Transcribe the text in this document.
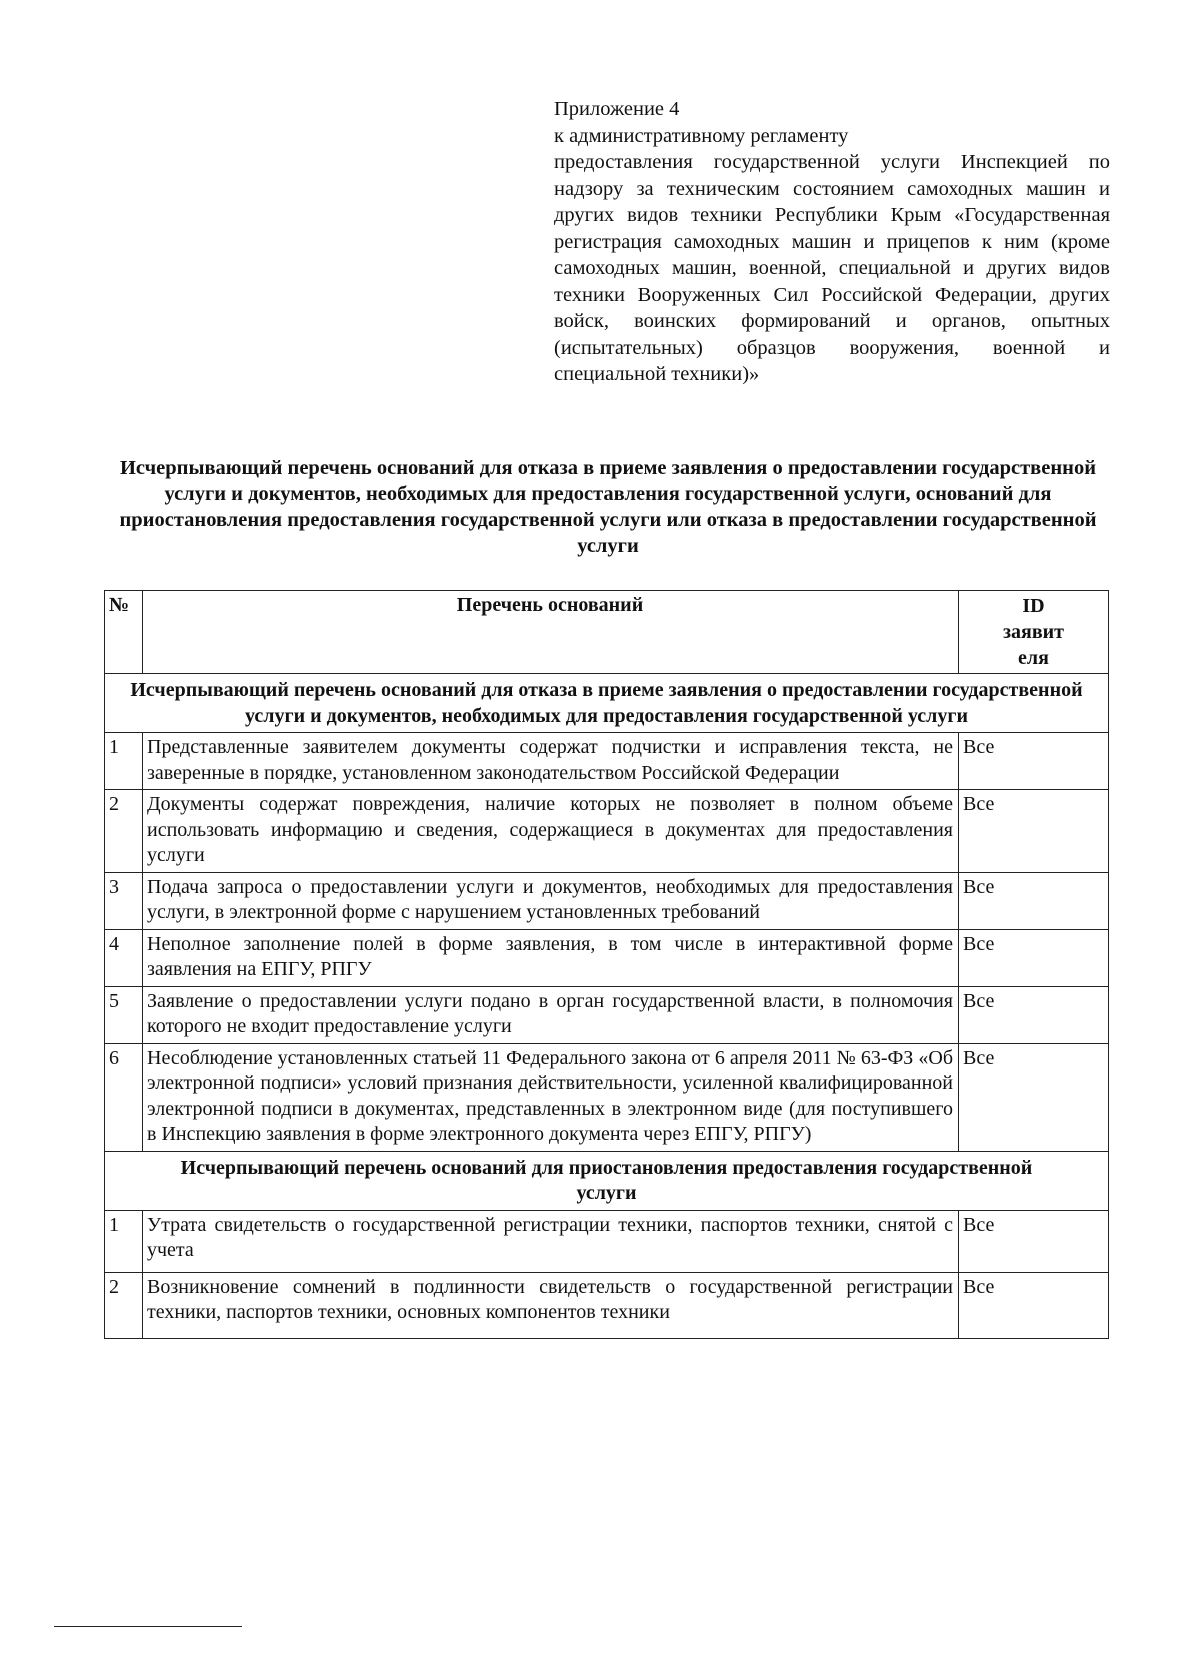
Приложение 4
к административному регламенту
предоставления государственной услуги Инспекцией по надзору за техническим состоянием самоходных машин и других видов техники Республики Крым «Государственная регистрация самоходных машин и прицепов к ним (кроме самоходных машин, военной, специальной и других видов техники Вооруженных Сил Российской Федерации, других войск, воинских формирований и органов, опытных (испытательных) образцов вооружения, военной и специальной техники)»
Исчерпывающий перечень оснований для отказа в приеме заявления о предоставлении государственной услуги и документов, необходимых для предоставления государственной услуги, оснований для приостановления предоставления государственной услуги или отказа в предоставлении государственной услуги
№	Перечень оснований	ID заявит еля
Исчерпывающий перечень оснований для отказа в приеме заявления о предоставлении государственной услуги и документов, необходимых для предоставления государственной услуги		
1	Представленные заявителем документы содержат подчистки и исправления текста, не заверенные в порядке, установленном законодательством Российской Федерации	Все
2	Документы содержат повреждения, наличие которых не позволяет в полном объеме использовать информацию и сведения, содержащиеся в документах для предоставления услуги	Все
3	Подача запроса о предоставлении услуги и документов, необходимых для предоставления услуги, в электронной форме с нарушением установленных требований	Все
4	Неполное заполнение полей в форме заявления, в том числе в интерактивной форме заявления на ЕПГУ, РПГУ	Все
5	Заявление о предоставлении услуги подано в орган государственной власти, в полномочия которого не входит предоставление услуги	Все
6	Несоблюдение установленных статьей 11 Федерального закона от 6 апреля 2011 № 63-ФЗ «Об электронной подписи» условий признания действительности, усиленной квалифицированной электронной подписи в документах, представленных в электронном виде (для поступившего в Инспекцию заявления в форме электронного документа через ЕПГУ, РПГУ)	Все
Исчерпывающий перечень оснований для приостановления предоставления государственной услуги		
1	Утрата свидетельств о государственной регистрации техники, паспортов техники, снятой с учета	Все
2	Возникновение сомнений в подлинности свидетельств о государственной регистрации техники, паспортов техники, основных компонентов техники	Все
